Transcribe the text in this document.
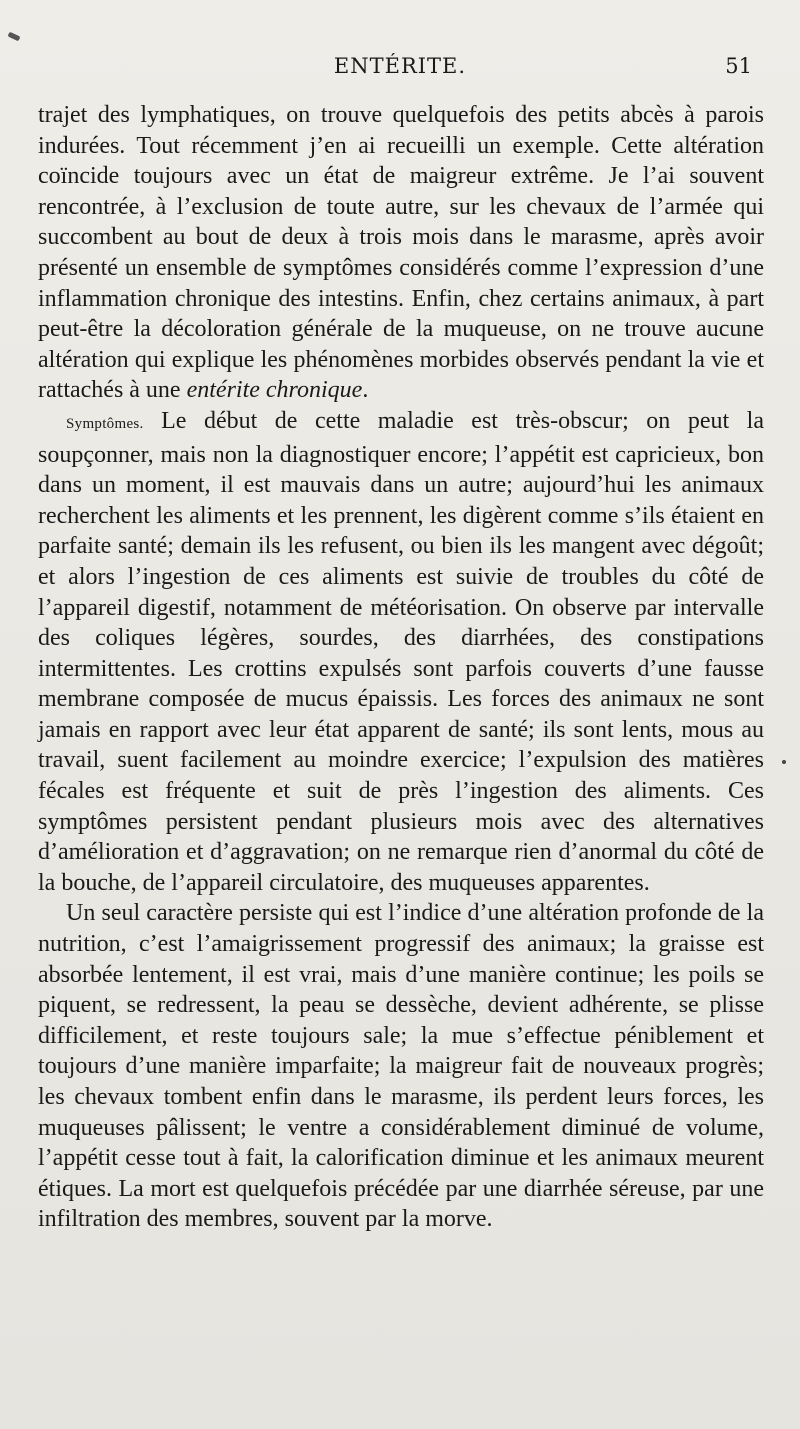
ENTÉRITE.	51

trajet des lymphatiques, on trouve quelquefois des petits abcès à parois indurées. Tout récemment j’en ai recueilli un exemple. Cette altération coïncide toujours avec un état de maigreur extrême. Je l’ai souvent rencontrée, à l’exclusion de toute autre, sur les chevaux de l’armée qui succombent au bout de deux à trois mois dans le marasme, après avoir présenté un ensemble de symptômes considérés comme l’expression d’une inflammation chronique des intestins. Enfin, chez certains animaux, à part peut-être la décoloration générale de la muqueuse, on ne trouve aucune altération qui explique les phénomènes morbides observés pendant la vie et rattachés à une entérite chronique.

Symptômes. Le début de cette maladie est très-obscur; on peut la soupçonner, mais non la diagnostiquer encore; l’appétit est capricieux, bon dans un moment, il est mauvais dans un autre; aujourd’hui les animaux recherchent les aliments et les prennent, les digèrent comme s’ils étaient en parfaite santé; demain ils les refusent, ou bien ils les mangent avec dégoût; et alors l’ingestion de ces aliments est suivie de troubles du côté de l’appareil digestif, notamment de météorisation. On observe par intervalle des coliques légères, sourdes, des diarrhées, des constipations intermittentes. Les crottins expulsés sont parfois couverts d’une fausse membrane composée de mucus épaissis. Les forces des animaux ne sont jamais en rapport avec leur état apparent de santé; ils sont lents, mous au travail, suent facilement au moindre exercice; l’expulsion des matières fécales est fréquente et suit de près l’ingestion des aliments. Ces symptômes persistent pendant plusieurs mois avec des alternatives d’amélioration et d’aggravation; on ne remarque rien d’anormal du côté de la bouche, de l’appareil circulatoire, des muqueuses apparentes.

Un seul caractère persiste qui est l’indice d’une altération profonde de la nutrition, c’est l’amaigrissement progressif des animaux; la graisse est absorbée lentement, il est vrai, mais d’une manière continue; les poils se piquent, se redressent, la peau se dessèche, devient adhérente, se plisse difficilement, et reste toujours sale; la mue s’effectue péniblement et toujours d’une manière imparfaite; la maigreur fait de nouveaux progrès; les chevaux tombent enfin dans le marasme, ils perdent leurs forces, les muqueuses pâlissent; le ventre a considérablement diminué de volume, l’appétit cesse tout à fait, la calorification diminue et les animaux meurent étiques. La mort est quelquefois précédée par une diarrhée séreuse, par une infiltration des membres, souvent par la morve.
